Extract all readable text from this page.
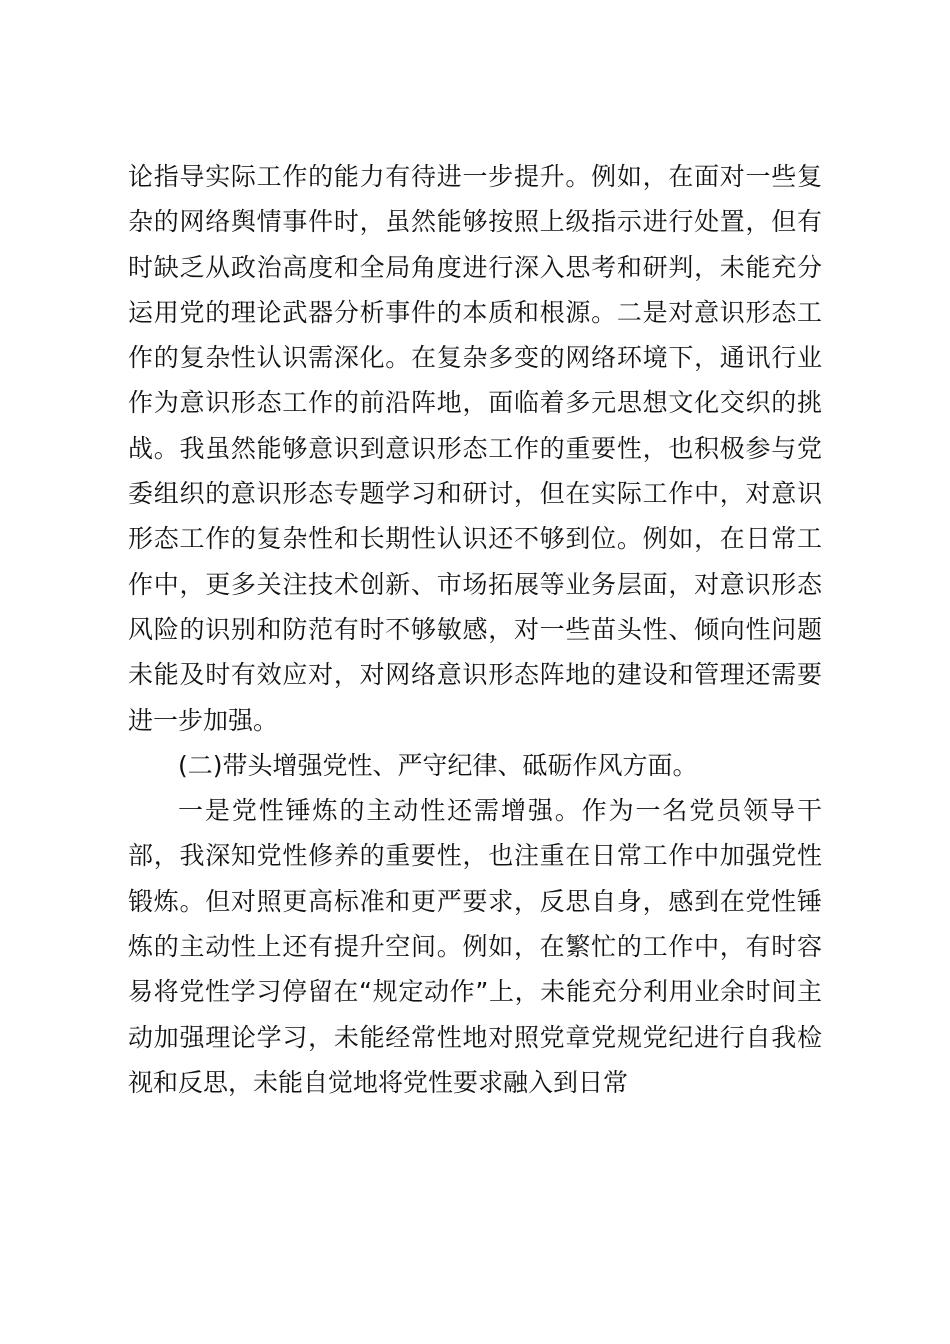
论指导实际工作的能力有待进一步提升。例如，在面对一些复
杂的网络舆情事件时，虽然能够按照上级指示进行处置，但有
时缺乏从政治高度和全局角度进行深入思考和研判，未能充分
运用党的理论武器分析事件的本质和根源。二是对意识形态工
作的复杂性认识需深化。在复杂多变的网络环境下，通讯行业
作为意识形态工作的前沿阵地，面临着多元思想文化交织的挑
战。我虽然能够意识到意识形态工作的重要性，也积极参与党
委组织的意识形态专题学习和研讨，但在实际工作中，对意识
形态工作的复杂性和长期性认识还不够到位。例如，在日常工
作中，更多关注技术创新、市场拓展等业务层面，对意识形态
风险的识别和防范有时不够敏感，对一些苗头性、倾向性问题
未能及时有效应对，对网络意识形态阵地的建设和管理还需要
进一步加强。
(二)带头增强党性、严守纪律、砥砺作风方面。
一是党性锤炼的主动性还需增强。作为一名党员领导干
部，我深知党性修养的重要性，也注重在日常工作中加强党性
锻炼。但对照更高标准和更严要求，反思自身，感到在党性锤
炼的主动性上还有提升空间。例如，在繁忙的工作中，有时容
易将党性学习停留在“规定动作”上，未能充分利用业余时间主
动加强理论学习，未能经常性地对照党章党规党纪进行自我检
视和反思，未能自觉地将党性要求融入到日常
